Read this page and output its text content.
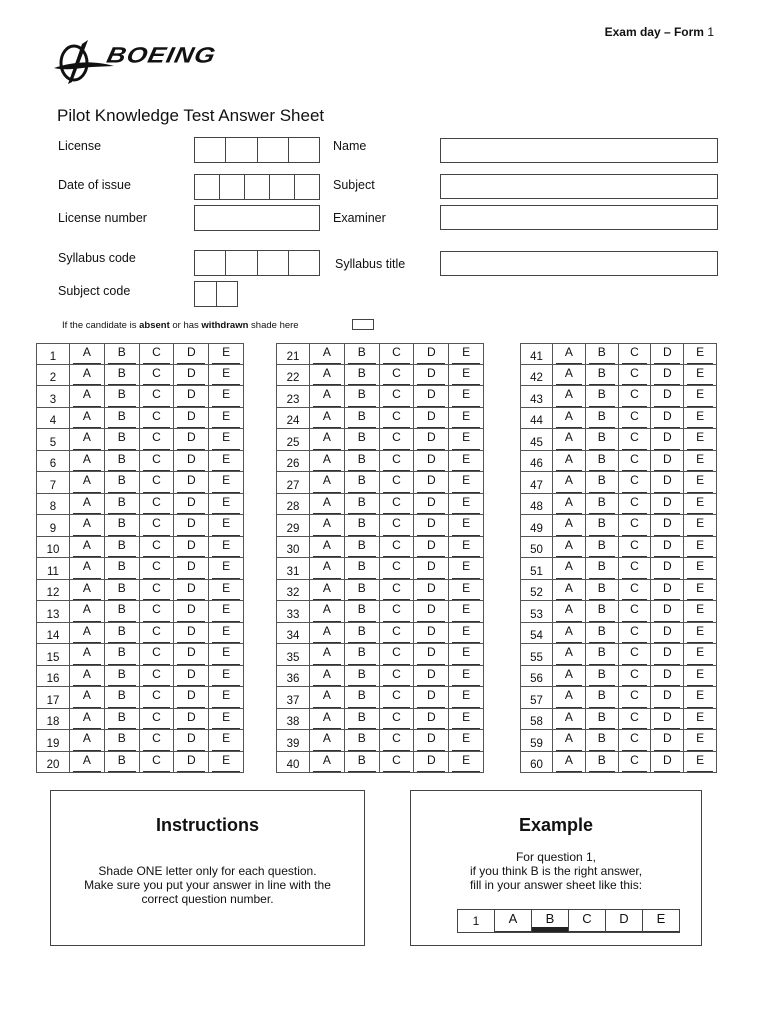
Exam day – Form 1
BOEING
Pilot Knowledge Test Answer Sheet
License
Date of issue
License number
Syllabus code
Subject code
Name
Subject
Examiner
Syllabus title
If the candidate is absent or has withdrawn shade here
1	A	B	C	D	E
2	A	B	C	D	E
3	A	B	C	D	E
4	A	B	C	D	E
5	A	B	C	D	E
6	A	B	C	D	E
7	A	B	C	D	E
8	A	B	C	D	E
9	A	B	C	D	E
10	A	B	C	D	E
11	A	B	C	D	E
12	A	B	C	D	E
13	A	B	C	D	E
14	A	B	C	D	E
15	A	B	C	D	E
16	A	B	C	D	E
17	A	B	C	D	E
18	A	B	C	D	E
19	A	B	C	D	E
20	A	B	C	D	E
21	A	B	C	D	E
22	A	B	C	D	E
23	A	B	C	D	E
24	A	B	C	D	E
25	A	B	C	D	E
26	A	B	C	D	E
27	A	B	C	D	E
28	A	B	C	D	E
29	A	B	C	D	E
30	A	B	C	D	E
31	A	B	C	D	E
32	A	B	C	D	E
33	A	B	C	D	E
34	A	B	C	D	E
35	A	B	C	D	E
36	A	B	C	D	E
37	A	B	C	D	E
38	A	B	C	D	E
39	A	B	C	D	E
40	A	B	C	D	E
41	A	B	C	D	E
42	A	B	C	D	E
43	A	B	C	D	E
44	A	B	C	D	E
45	A	B	C	D	E
46	A	B	C	D	E
47	A	B	C	D	E
48	A	B	C	D	E
49	A	B	C	D	E
50	A	B	C	D	E
51	A	B	C	D	E
52	A	B	C	D	E
53	A	B	C	D	E
54	A	B	C	D	E
55	A	B	C	D	E
56	A	B	C	D	E
57	A	B	C	D	E
58	A	B	C	D	E
59	A	B	C	D	E
60	A	B	C	D	E
Instructions
Shade ONE letter only for each question.
Make sure you put your answer in line with the
correct question number.
Example
For question 1,
if you think B is the right answer,
fill in your answer sheet like this:
1	A	B	C	D	E
